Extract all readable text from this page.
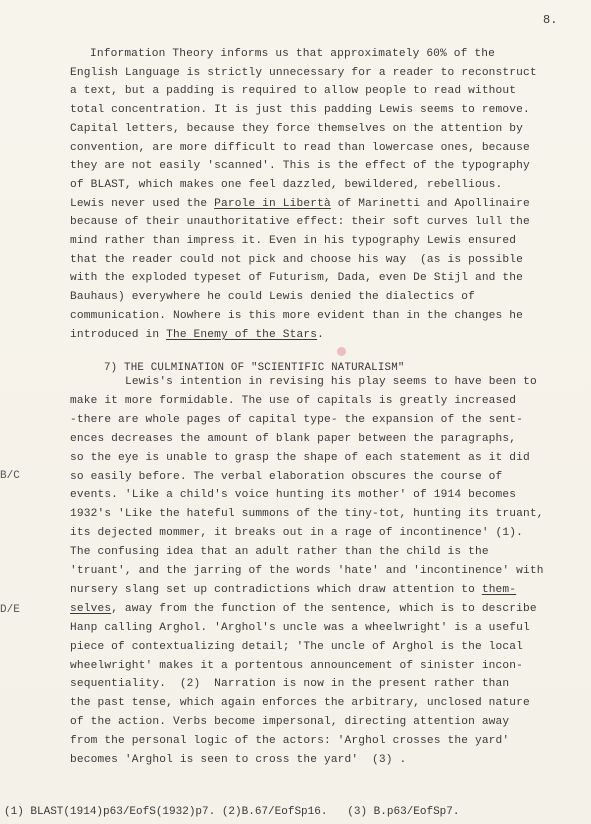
8.
B/C
D/E
Information Theory informs us that approximately 60% of the
English Language is strictly unnecessary for a reader to reconstruct
a text, but a padding is required to allow people to read without
total concentration. It is just this padding Lewis seems to remove.
Capital letters, because they force themselves on the attention by
convention, are more difficult to read than lowercase ones, because
they are not easily 'scanned'. This is the effect of the typography
of BLAST, which makes one feel dazzled, bewildered, rebellious.
Lewis never used the Parole in Libertà of Marinetti and Apollinaire
because of their unauthoritative effect: their soft curves lull the
mind rather than impress it. Even in his typography Lewis ensured
that the reader could not pick and choose his way  (as is possible
with the exploded typeset of Futurism, Dada, even De Stijl and the
Bauhaus) everywhere he could Lewis denied the dialectics of
communication. Nowhere is this more evident than in the changes he
introduced in The Enemy of the Stars.
7) THE CULMINATION OF "SCIENTIFIC NATURALISM"
Lewis's intention in revising his play seems to have been to
make it more formidable. The use of capitals is greatly increased
-there are whole pages of capital type- the expansion of the sent-
ences decreases the amount of blank paper between the paragraphs,
so the eye is unable to grasp the shape of each statement as it did
so easily before. The verbal elaboration obscures the course of
events. 'Like a child's voice hunting its mother' of 1914 becomes
1932's 'Like the hateful summons of the tiny-tot, hunting its truant,
its dejected mommer, it breaks out in a rage of incontinence' (1).
The confusing idea that an adult rather than the child is the
'truant', and the jarring of the words 'hate' and 'incontinence' with
nursery slang set up contradictions which draw attention to them-
selves, away from the function of the sentence, which is to describe
Hanp calling Arghol. 'Arghol's uncle was a wheelwright' is a useful
piece of contextualizing detail; 'The uncle of Arghol is the local
wheelwright' makes it a portentous announcement of sinister incon-
sequentiality.  (2)  Narration is now in the present rather than
the past tense, which again enforces the arbitrary, unclosed nature
of the action. Verbs become impersonal, directing attention away
from the personal logic of the actors: 'Arghol crosses the yard'
becomes 'Arghol is seen to cross the yard'  (3) .
(1) BLAST(1914)p63/EofS(1932)p7. (2)B.67/EofSp16.   (3) B.p63/EofSp7.
